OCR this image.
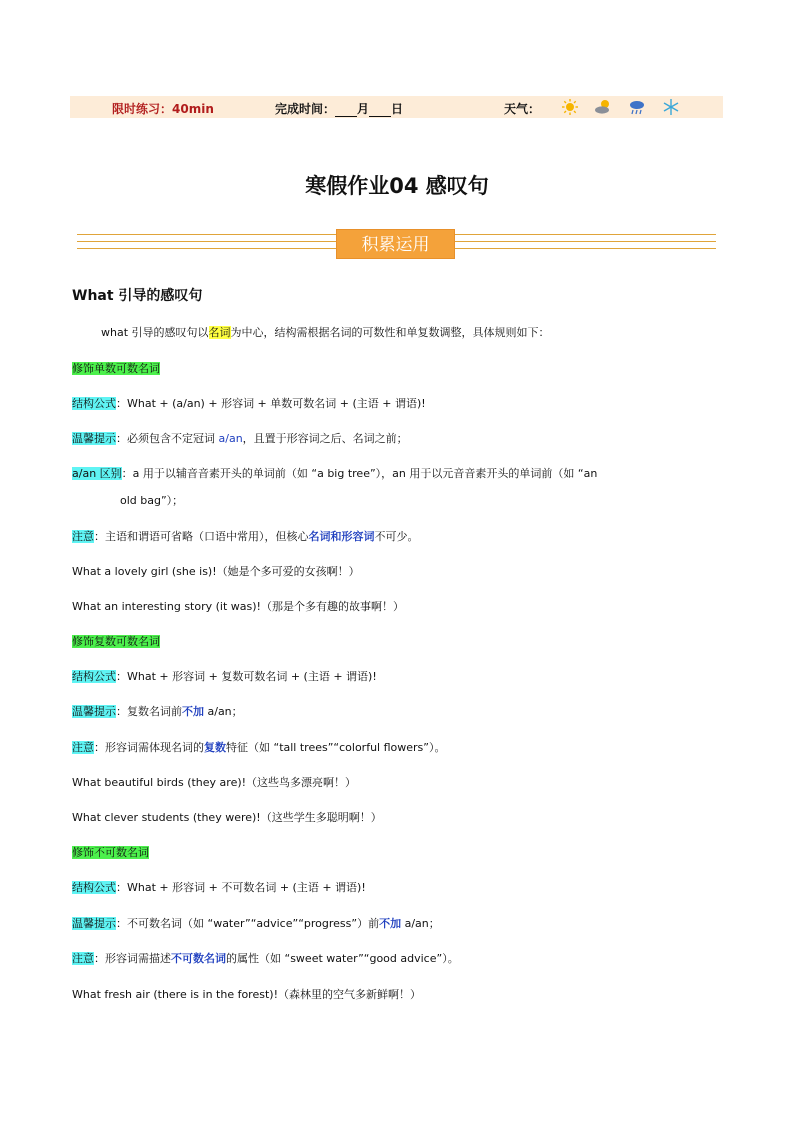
限时练习：40min	完成时间： 月 日	天气：
寒假作业04 感叹句
积累运用
What 引导的感叹句
what 引导的感叹句以名词为中心，结构需根据名词的可数性和单复数调整，具体规则如下：
修饰单数可数名词
结构公式：What + (a/an) + 形容词 + 单数可数名词 + (主语 + 谓语)!
温馨提示：必须包含不定冠词 a/an，且置于形容词之后、名词之前；
a/an 区别：a 用于以辅音音素开头的单词前（如 “a big tree”），an 用于以元音音素开头的单词前（如 “an
old bag”）；
注意：主语和谓语可省略（口语中常用），但核心名词和形容词不可少。
What a lovely girl (she is)!（她是个多可爱的女孩啊！）
What an interesting story (it was)!（那是个多有趣的故事啊！）
修饰复数可数名词
结构公式：What + 形容词 + 复数可数名词 + (主语 + 谓语)!
温馨提示：复数名词前不加 a/an；
注意：形容词需体现名词的复数特征（如 “tall trees”“colorful flowers”）。
What beautiful birds (they are)!（这些鸟多漂亮啊！）
What clever students (they were)!（这些学生多聪明啊！）
修饰不可数名词
结构公式：What + 形容词 + 不可数名词 + (主语 + 谓语)!
温馨提示：不可数名词（如 “water”“advice”“progress”）前不加 a/an；
注意：形容词需描述不可数名词的属性（如 “sweet water”“good advice”）。
What fresh air (there is in the forest)!（森林里的空气多新鲜啊！）
